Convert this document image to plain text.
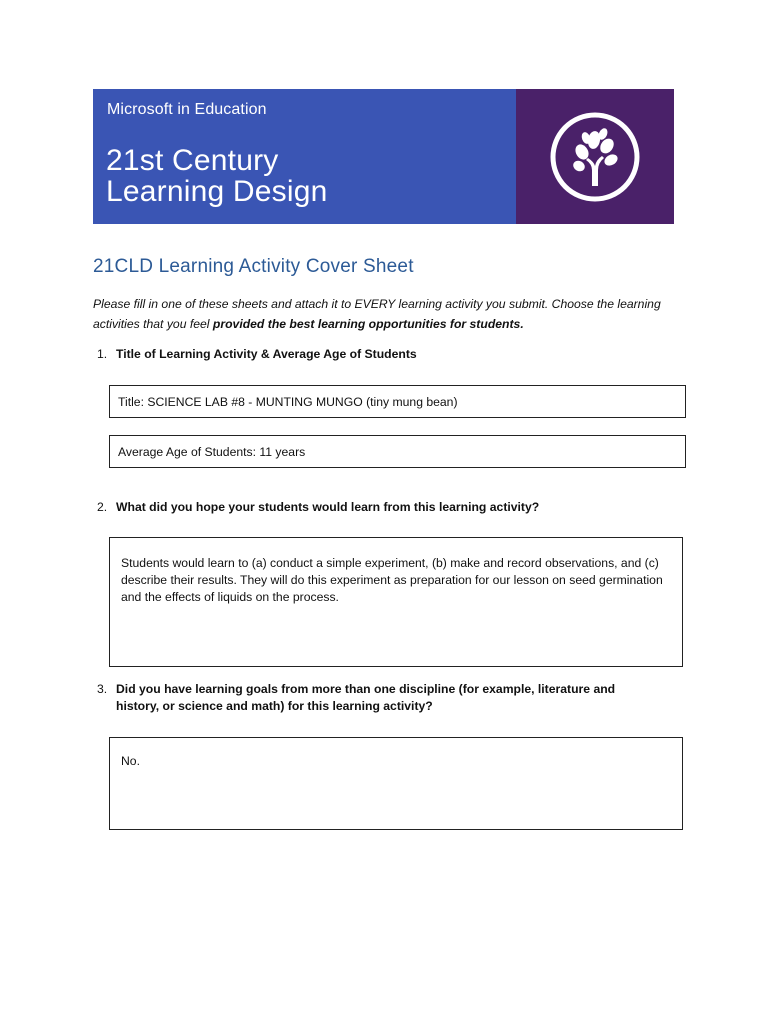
Microsoft in Education
21st Century
Learning Design
21CLD Learning Activity Cover Sheet
Please fill in one of these sheets and attach it to EVERY learning activity you submit. Choose the learning activities that you feel provided the best learning opportunities for students.
1. Title of Learning Activity & Average Age of Students
Title: SCIENCE LAB #8 - MUNTING MUNGO (tiny mung bean)
Average Age of Students: 11 years
2. What did you hope your students would learn from this learning activity?
Students would learn to (a) conduct a simple experiment, (b) make and record observations, and (c) describe their results. They will do this experiment as preparation for our lesson on seed germination and the effects of liquids on the process.
3. Did you have learning goals from more than one discipline (for example, literature and history, or science and math) for this learning activity?
No.
